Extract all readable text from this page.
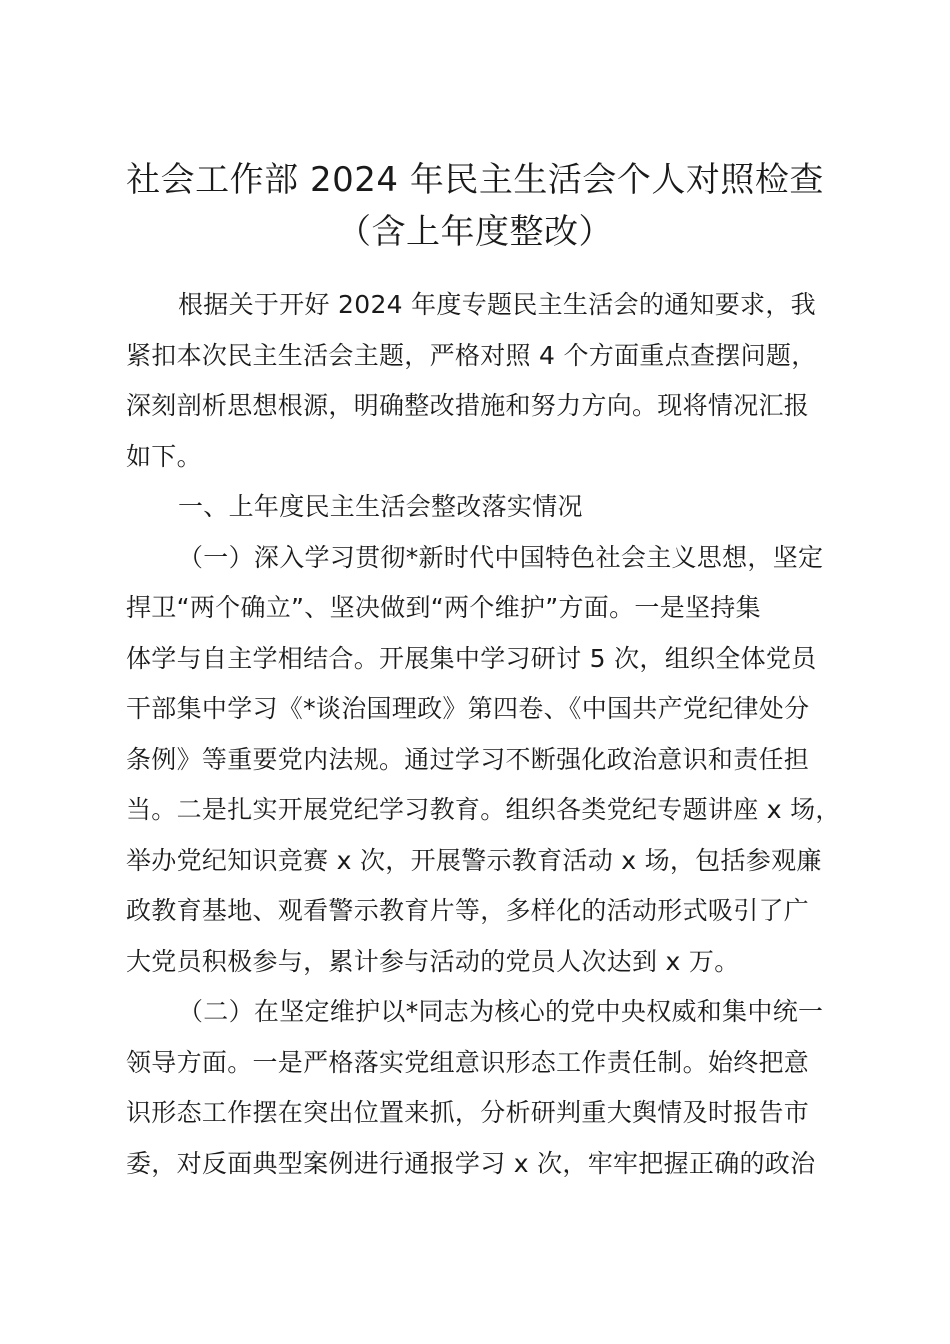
社会工作部 2024 年民主生活会个人对照检查
（含上年度整改）

根据关于开好 2024 年度专题民主生活会的通知要求，我
紧扣本次民主生活会主题，严格对照 4 个方面重点查摆问题，
深刻剖析思想根源，明确整改措施和努力方向。现将情况汇报
如下。

一、上年度民主生活会整改落实情况

（一）深入学习贯彻*新时代中国特色社会主义思想，坚定
捍卫“两个确立”、坚决做到“两个维护”方面。一是坚持集
体学与自主学相结合。开展集中学习研讨 5 次，组织全体党员
干部集中学习《*谈治国理政》第四卷、《中国共产党纪律处分
条例》等重要党内法规。通过学习不断强化政治意识和责任担
当。二是扎实开展党纪学习教育。组织各类党纪专题讲座 x 场，
举办党纪知识竞赛 x 次，开展警示教育活动 x 场，包括参观廉
政教育基地、观看警示教育片等，多样化的活动形式吸引了广
大党员积极参与，累计参与活动的党员人次达到 x 万。

（二）在坚定维护以*同志为核心的党中央权威和集中统一
领导方面。一是严格落实党组意识形态工作责任制。始终把意
识形态工作摆在突出位置来抓，分析研判重大舆情及时报告市
委，对反面典型案例进行通报学习 x 次，牢牢把握正确的政治
